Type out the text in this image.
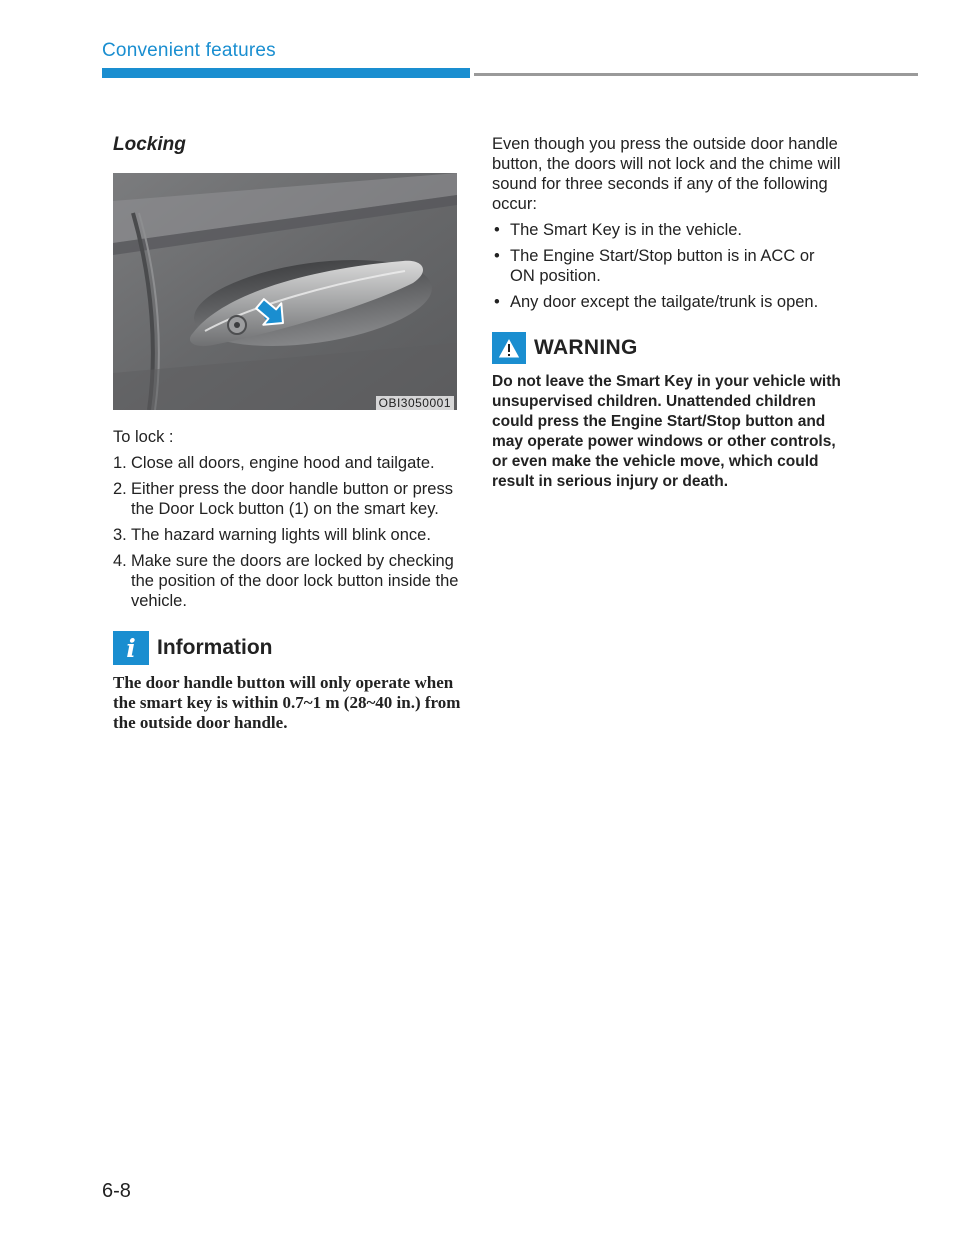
Convenient features
Locking
OBI3050001
To lock :
1. Close all doors, engine hood and tailgate.
2. Either press the door handle button or press the Door Lock button (1) on the smart key.
3. The hazard warning lights will blink once.
4. Make sure the doors are locked by checking the position of the door lock button inside the vehicle.
i	Information
The door handle button will only operate when the smart key is within 0.7~1 m (28~40 in.) from the outside door handle.
Even though you press the outside door handle button, the doors will not lock and the chime will sound for three seconds if any of the following occur:
• The Smart Key is in the vehicle.
• The Engine Start/Stop button is in ACC or ON position.
• Any door except the tailgate/trunk is open.
WARNING
Do not leave the Smart Key in your vehicle with unsupervised children. Unattended children could press the Engine Start/Stop button and may operate power windows or other controls, or even make the vehicle move, which could result in serious injury or death.
6-8
